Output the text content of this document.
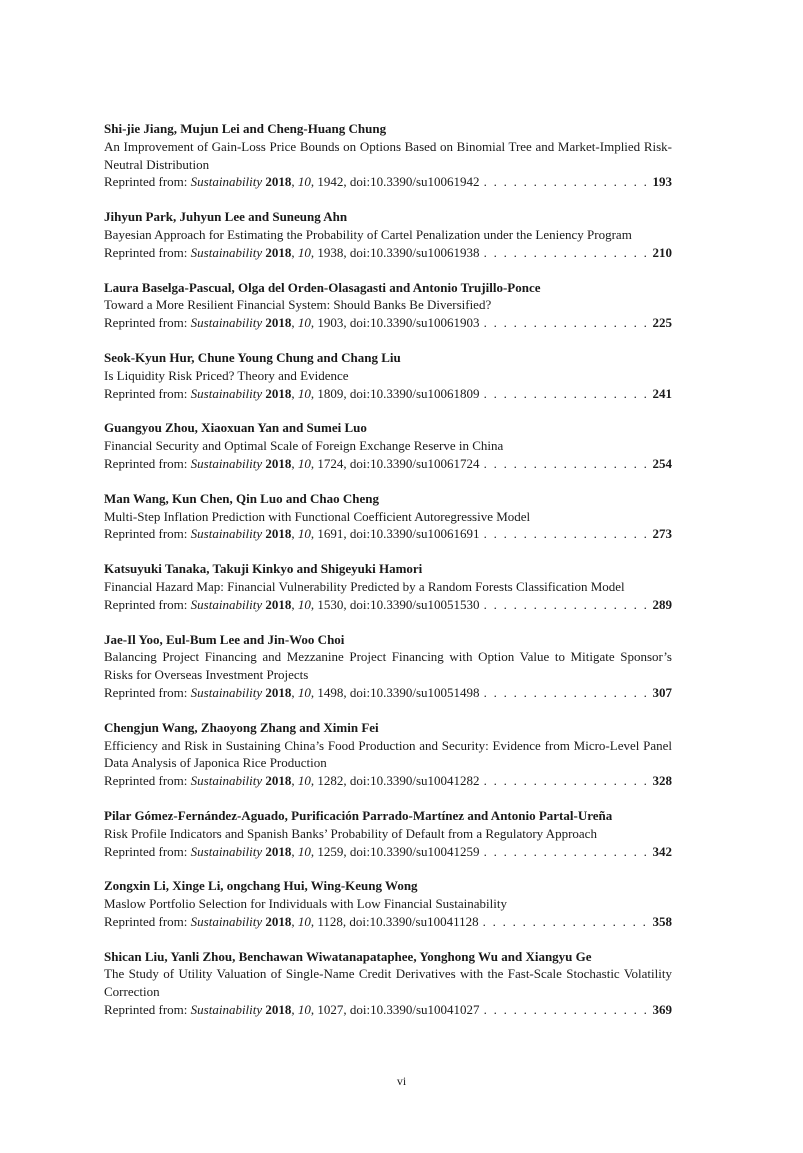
Shi-jie Jiang, Mujun Lei and Cheng-Huang Chung
An Improvement of Gain-Loss Price Bounds on Options Based on Binomial Tree and Market-Implied Risk-Neutral Distribution
Reprinted from: Sustainability 2018, 10, 1942, doi:10.3390/su10061942 . . .	193
Jihyun Park, Juhyun Lee and Suneung Ahn
Bayesian Approach for Estimating the Probability of Cartel Penalization under the Leniency Program
Reprinted from: Sustainability 2018, 10, 1938, doi:10.3390/su10061938 . . .	210
Laura Baselga-Pascual, Olga del Orden-Olasagasti and Antonio Trujillo-Ponce
Toward a More Resilient Financial System: Should Banks Be Diversified?
Reprinted from: Sustainability 2018, 10, 1903, doi:10.3390/su10061903 . . .	225
Seok-Kyun Hur, Chune Young Chung and Chang Liu
Is Liquidity Risk Priced? Theory and Evidence
Reprinted from: Sustainability 2018, 10, 1809, doi:10.3390/su10061809 . . .	241
Guangyou Zhou, Xiaoxuan Yan and Sumei Luo
Financial Security and Optimal Scale of Foreign Exchange Reserve in China
Reprinted from: Sustainability 2018, 10, 1724, doi:10.3390/su10061724 . . .	254
Man Wang, Kun Chen, Qin Luo and Chao Cheng
Multi-Step Inflation Prediction with Functional Coefficient Autoregressive Model
Reprinted from: Sustainability 2018, 10, 1691, doi:10.3390/su10061691 . . .	273
Katsuyuki Tanaka, Takuji Kinkyo and Shigeyuki Hamori
Financial Hazard Map: Financial Vulnerability Predicted by a Random Forests Classification Model
Reprinted from: Sustainability 2018, 10, 1530, doi:10.3390/su10051530 . . .	289
Jae-Il Yoo, Eul-Bum Lee and Jin-Woo Choi
Balancing Project Financing and Mezzanine Project Financing with Option Value to Mitigate Sponsor’s Risks for Overseas Investment Projects
Reprinted from: Sustainability 2018, 10, 1498, doi:10.3390/su10051498 . . .	307
Chengjun Wang, Zhaoyong Zhang and Ximin Fei
Efficiency and Risk in Sustaining China’s Food Production and Security: Evidence from Micro-Level Panel Data Analysis of Japonica Rice Production
Reprinted from: Sustainability 2018, 10, 1282, doi:10.3390/su10041282 . . .	328
Pilar Gómez-Fernández-Aguado, Purificación Parrado-Martínez and Antonio Partal-Ureña
Risk Profile Indicators and Spanish Banks’ Probability of Default from a Regulatory Approach
Reprinted from: Sustainability 2018, 10, 1259, doi:10.3390/su10041259 . . .	342
Zongxin Li, Xinge Li, ongchang Hui, Wing-Keung Wong
Maslow Portfolio Selection for Individuals with Low Financial Sustainability
Reprinted from: Sustainability 2018, 10, 1128, doi:10.3390/su10041128 . . .	358
Shican Liu, Yanli Zhou, Benchawan Wiwatanapataphee, Yonghong Wu and Xiangyu Ge
The Study of Utility Valuation of Single-Name Credit Derivatives with the Fast-Scale Stochastic Volatility Correction
Reprinted from: Sustainability 2018, 10, 1027, doi:10.3390/su10041027 . . .	369
vi
